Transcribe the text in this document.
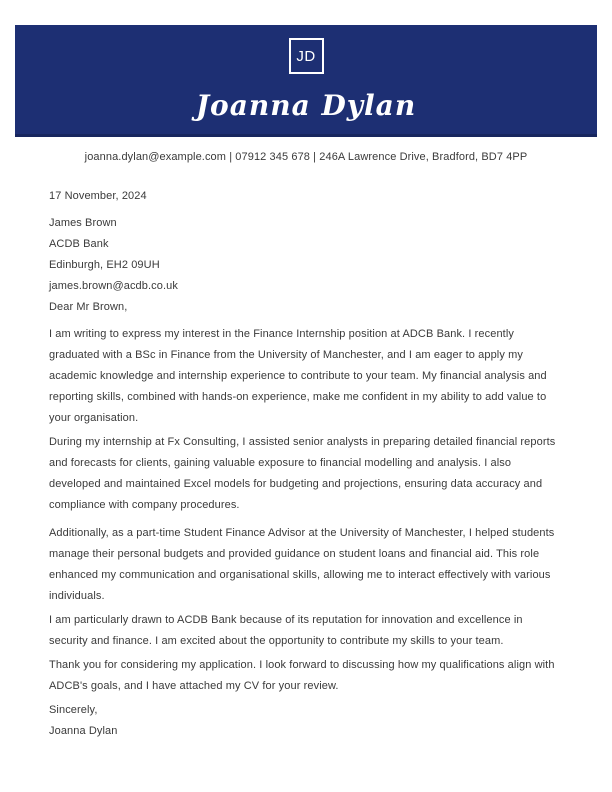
JD
Joanna Dylan
joanna.dylan@example.com | 07912 345 678 | 246A Lawrence Drive, Bradford, BD7 4PP
17 November, 2024
James Brown
ACDB Bank
Edinburgh, EH2 09UH
james.brown@acdb.co.uk
Dear Mr Brown,

I am writing to express my interest in the Finance Internship position at ADCB Bank. I recently graduated with a BSc in Finance from the University of Manchester, and I am eager to apply my academic knowledge and internship experience to contribute to your team. My financial analysis and reporting skills, combined with hands-on experience, make me confident in my ability to add value to your organisation.

During my internship at Fx Consulting, I assisted senior analysts in preparing detailed financial reports and forecasts for clients, gaining valuable exposure to financial modelling and analysis. I also developed and maintained Excel models for budgeting and projections, ensuring data accuracy and compliance with company procedures.

Additionally, as a part-time Student Finance Advisor at the University of Manchester, I helped students manage their personal budgets and provided guidance on student loans and financial aid. This role enhanced my communication and organisational skills, allowing me to interact effectively with various individuals.

I am particularly drawn to ACDB Bank because of its reputation for innovation and excellence in security and finance. I am excited about the opportunity to contribute my skills to your team.

Thank you for considering my application. I look forward to discussing how my qualifications align with ADCB's goals, and I have attached my CV for your review.

Sincerely,
Joanna Dylan
